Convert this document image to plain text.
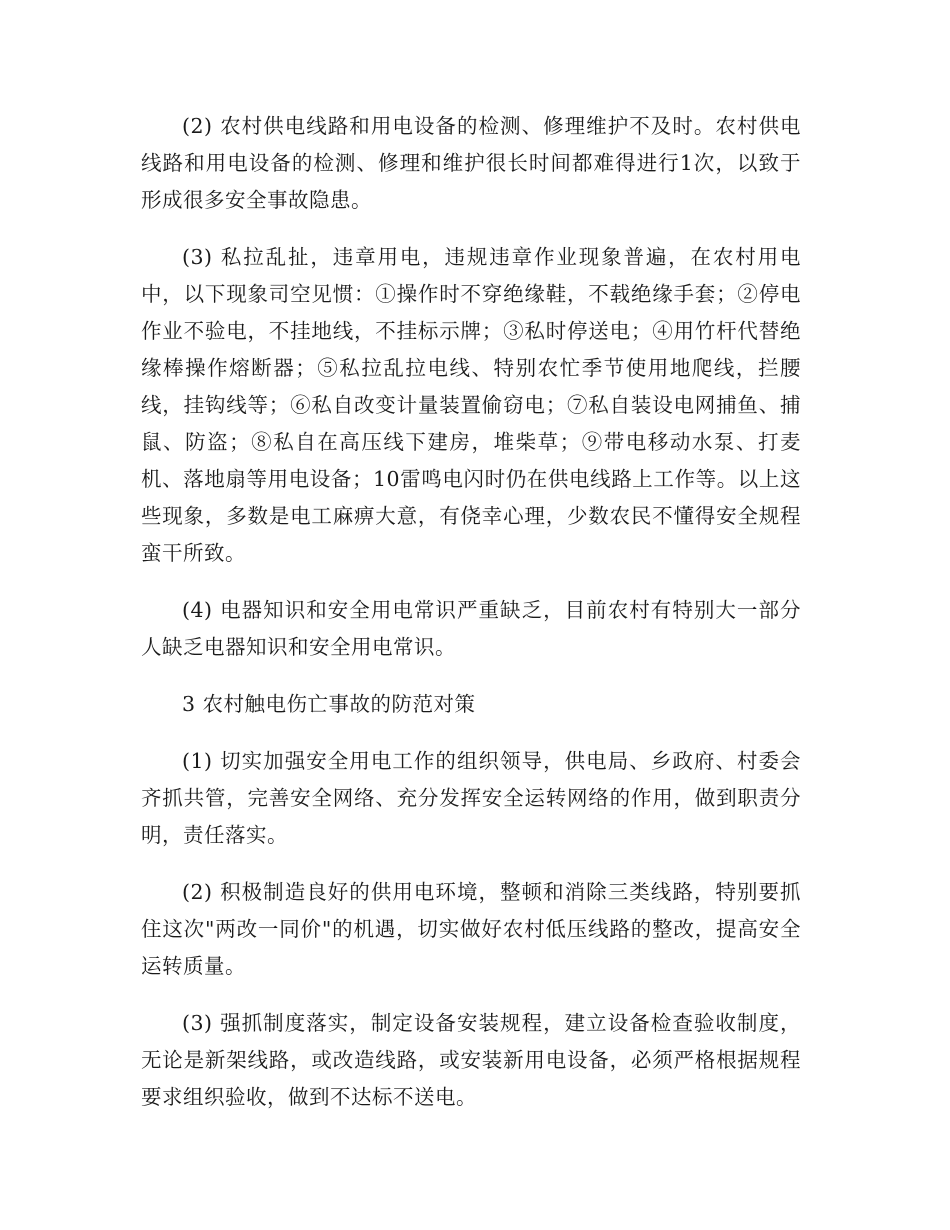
(2) 农村供电线路和用电设备的检测、修理维护不及时。农村供电线路和用电设备的检测、修理和维护很长时间都难得进行1次，以致于形成很多安全事故隐患。

(3) 私拉乱扯，违章用电，违规违章作业现象普遍，在农村用电中，以下现象司空见惯：①操作时不穿绝缘鞋，不载绝缘手套；②停电作业不验电，不挂地线，不挂标示牌；③私时停送电；④用竹杆代替绝缘棒操作熔断器；⑤私拉乱拉电线、特别农忙季节使用地爬线，拦腰线，挂钩线等；⑥私自改变计量装置偷窃电；⑦私自装设电网捕鱼、捕鼠、防盗；⑧私自在高压线下建房，堆柴草；⑨带电移动水泵、打麦机、落地扇等用电设备；10雷鸣电闪时仍在供电线路上工作等。以上这些现象，多数是电工麻痹大意，有侥幸心理，少数农民不懂得安全规程蛮干所致。

(4) 电器知识和安全用电常识严重缺乏，目前农村有特别大一部分人缺乏电器知识和安全用电常识。

3 农村触电伤亡事故的防范对策

(1) 切实加强安全用电工作的组织领导，供电局、乡政府、村委会齐抓共管，完善安全网络、充分发挥安全运转网络的作用，做到职责分明，责任落实。

(2) 积极制造良好的供用电环境，整顿和消除三类线路，特别要抓住这次"两改一同价"的机遇，切实做好农村低压线路的整改，提高安全运转质量。

(3) 强抓制度落实，制定设备安装规程，建立设备检查验收制度，无论是新架线路，或改造线路，或安装新用电设备，必须严格根据规程要求组织验收，做到不达标不送电。
